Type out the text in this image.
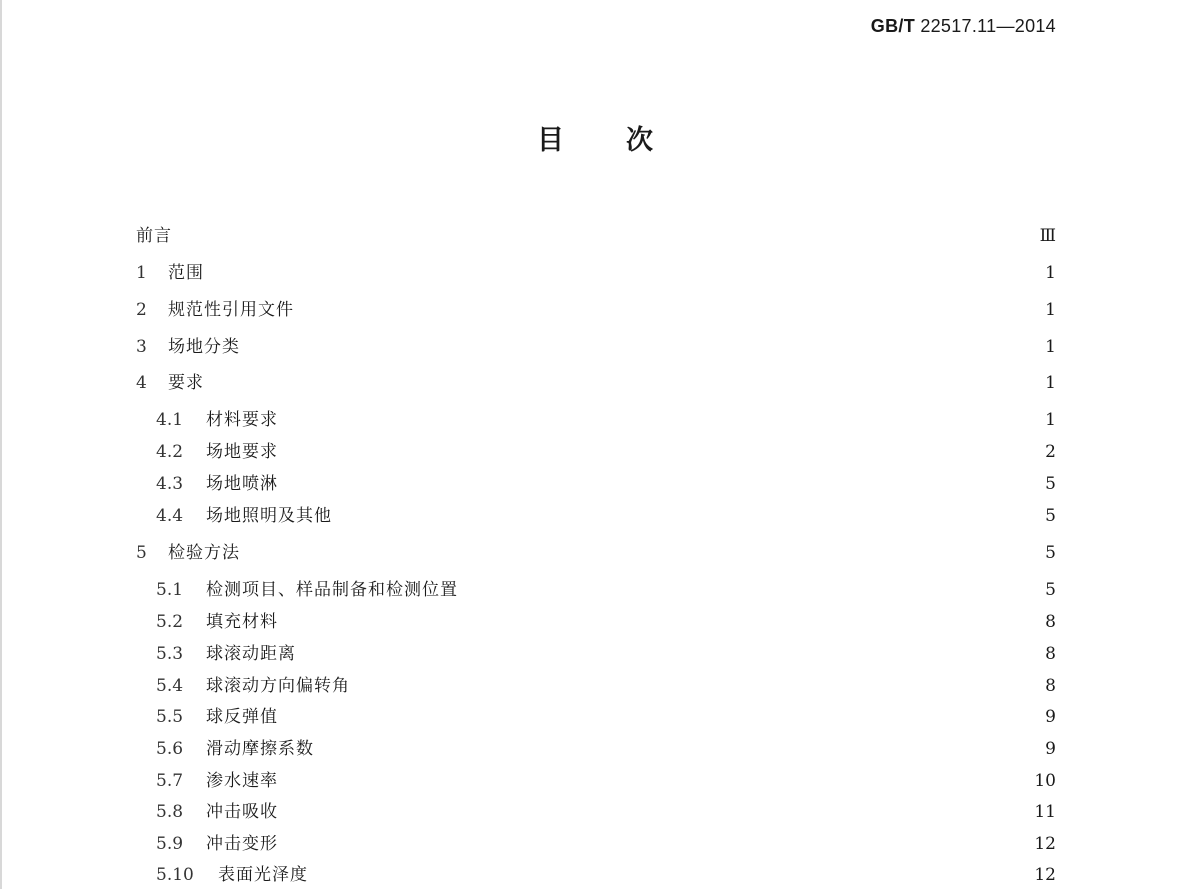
GB/T 22517.11—2014
目 次
前言	Ⅲ
1	范围	1
2	规范性引用文件	1
3	场地分类	1
4	要求	1
4.1	材料要求	1
4.2	场地要求	2
4.3	场地喷淋	5
4.4	场地照明及其他	5
5	检验方法	5
5.1	检测项目、样品制备和检测位置	5
5.2	填充材料	8
5.3	球滚动距离	8
5.4	球滚动方向偏转角	8
5.5	球反弹值	9
5.6	滑动摩擦系数	9
5.7	渗水速率	10
5.8	冲击吸收	11
5.9	冲击变形	12
5.10	表面光泽度	12
